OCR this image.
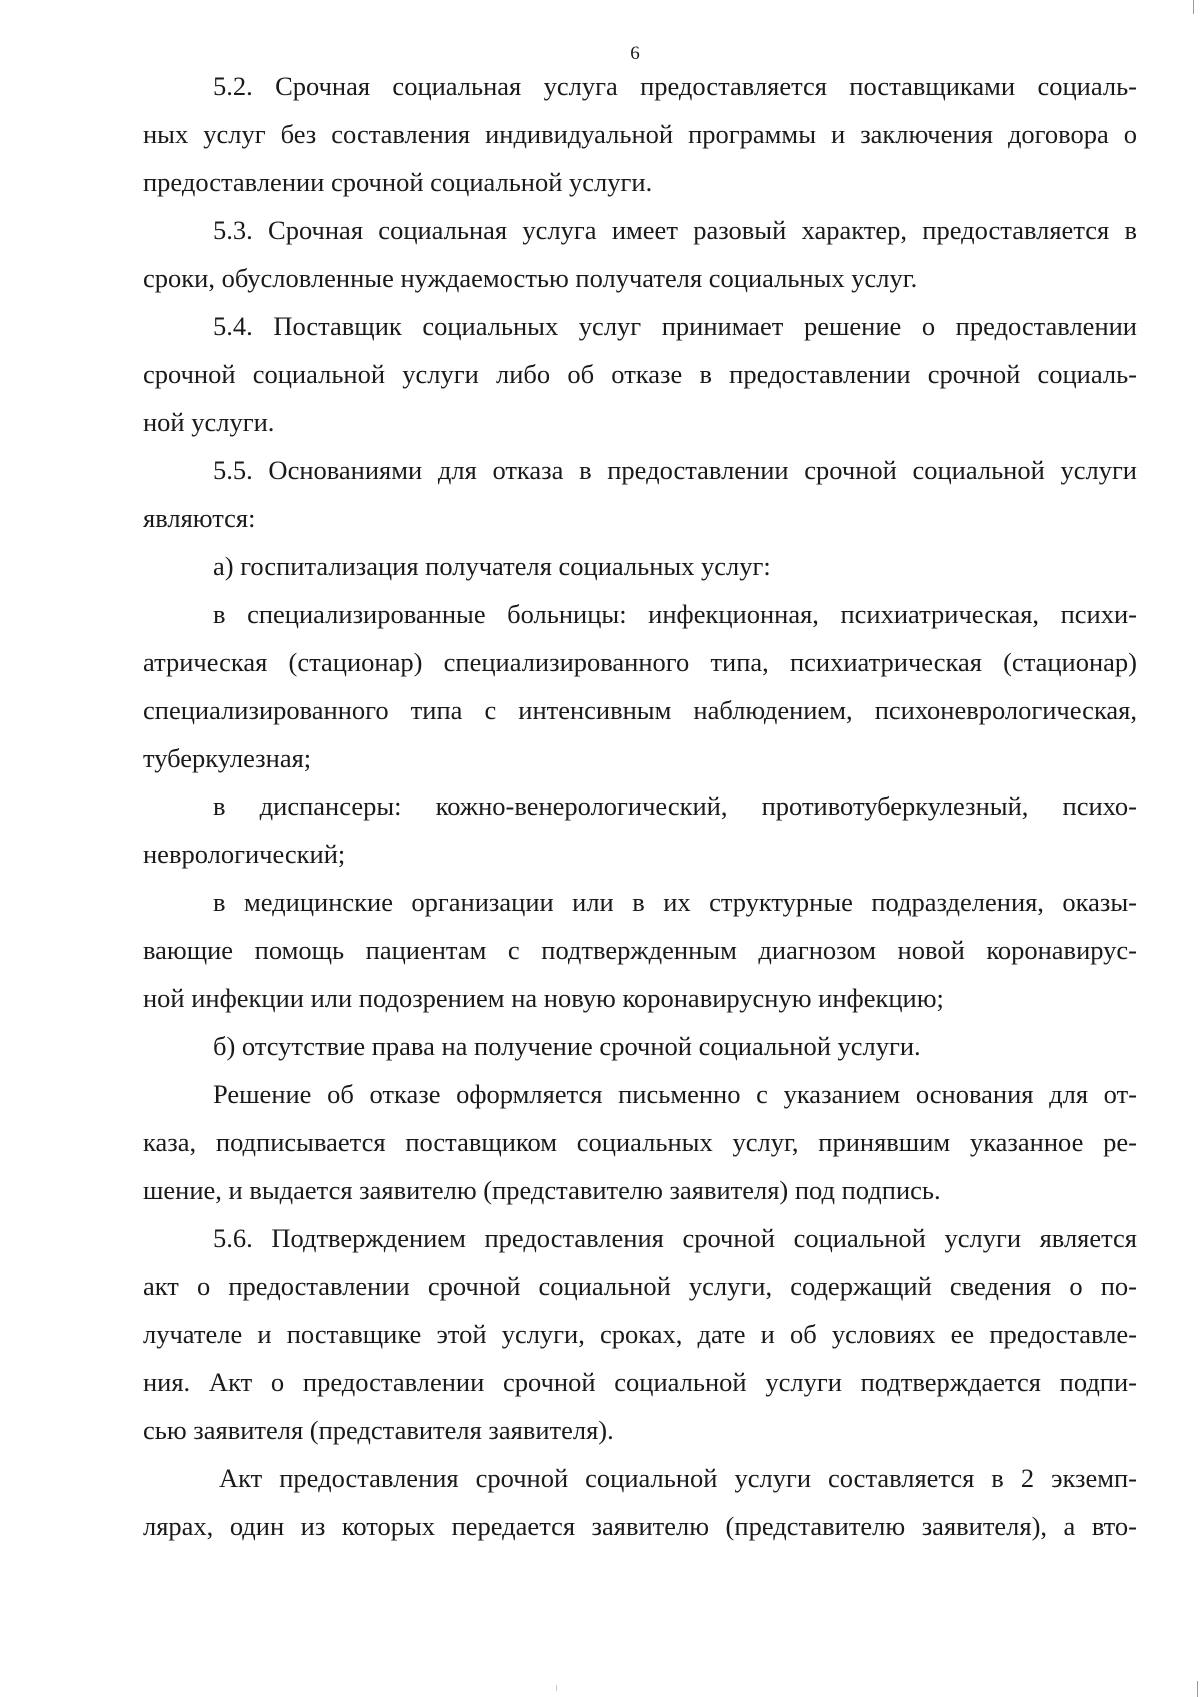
6
5.2. Срочная социальная услуга предоставляется поставщиками социаль-
ных услуг без составления индивидуальной программы и заключения договора о
предоставлении срочной социальной услуги.
5.3. Срочная социальная услуга имеет разовый характер, предоставляется в
сроки, обусловленные нуждаемостью получателя социальных услуг.
5.4. Поставщик социальных услуг принимает решение о предоставлении
срочной социальной услуги либо об отказе в предоставлении срочной социаль-
ной услуги.
5.5. Основаниями для отказа в предоставлении срочной социальной услуги
являются:
а) госпитализация получателя социальных услуг:
в специализированные больницы: инфекционная, психиатрическая, психи-
атрическая (стационар) специализированного типа, психиатрическая (стационар)
специализированного типа с интенсивным наблюдением, психоневрологическая,
туберкулезная;
в диспансеры: кожно-венерологический, противотуберкулезный, психо-
неврологический;
в медицинские организации или в их структурные подразделения, оказы-
вающие помощь пациентам с подтвержденным диагнозом новой коронавирус-
ной инфекции или подозрением на новую коронавирусную инфекцию;
б) отсутствие права на получение срочной социальной услуги.
Решение об отказе оформляется письменно с указанием основания для от-
каза, подписывается поставщиком социальных услуг, принявшим указанное ре-
шение, и выдается заявителю (представителю заявителя) под подпись.
5.6. Подтверждением предоставления срочной социальной услуги является
акт о предоставлении срочной социальной услуги, содержащий сведения о по-
лучателе и поставщике этой услуги, сроках, дате и об условиях ее предоставле-
ния. Акт о предоставлении срочной социальной услуги подтверждается подпи-
сью заявителя (представителя заявителя).
Акт предоставления срочной социальной услуги составляется в 2 экземп-
лярах, один из которых передается заявителю (представителю заявителя), а вто-
